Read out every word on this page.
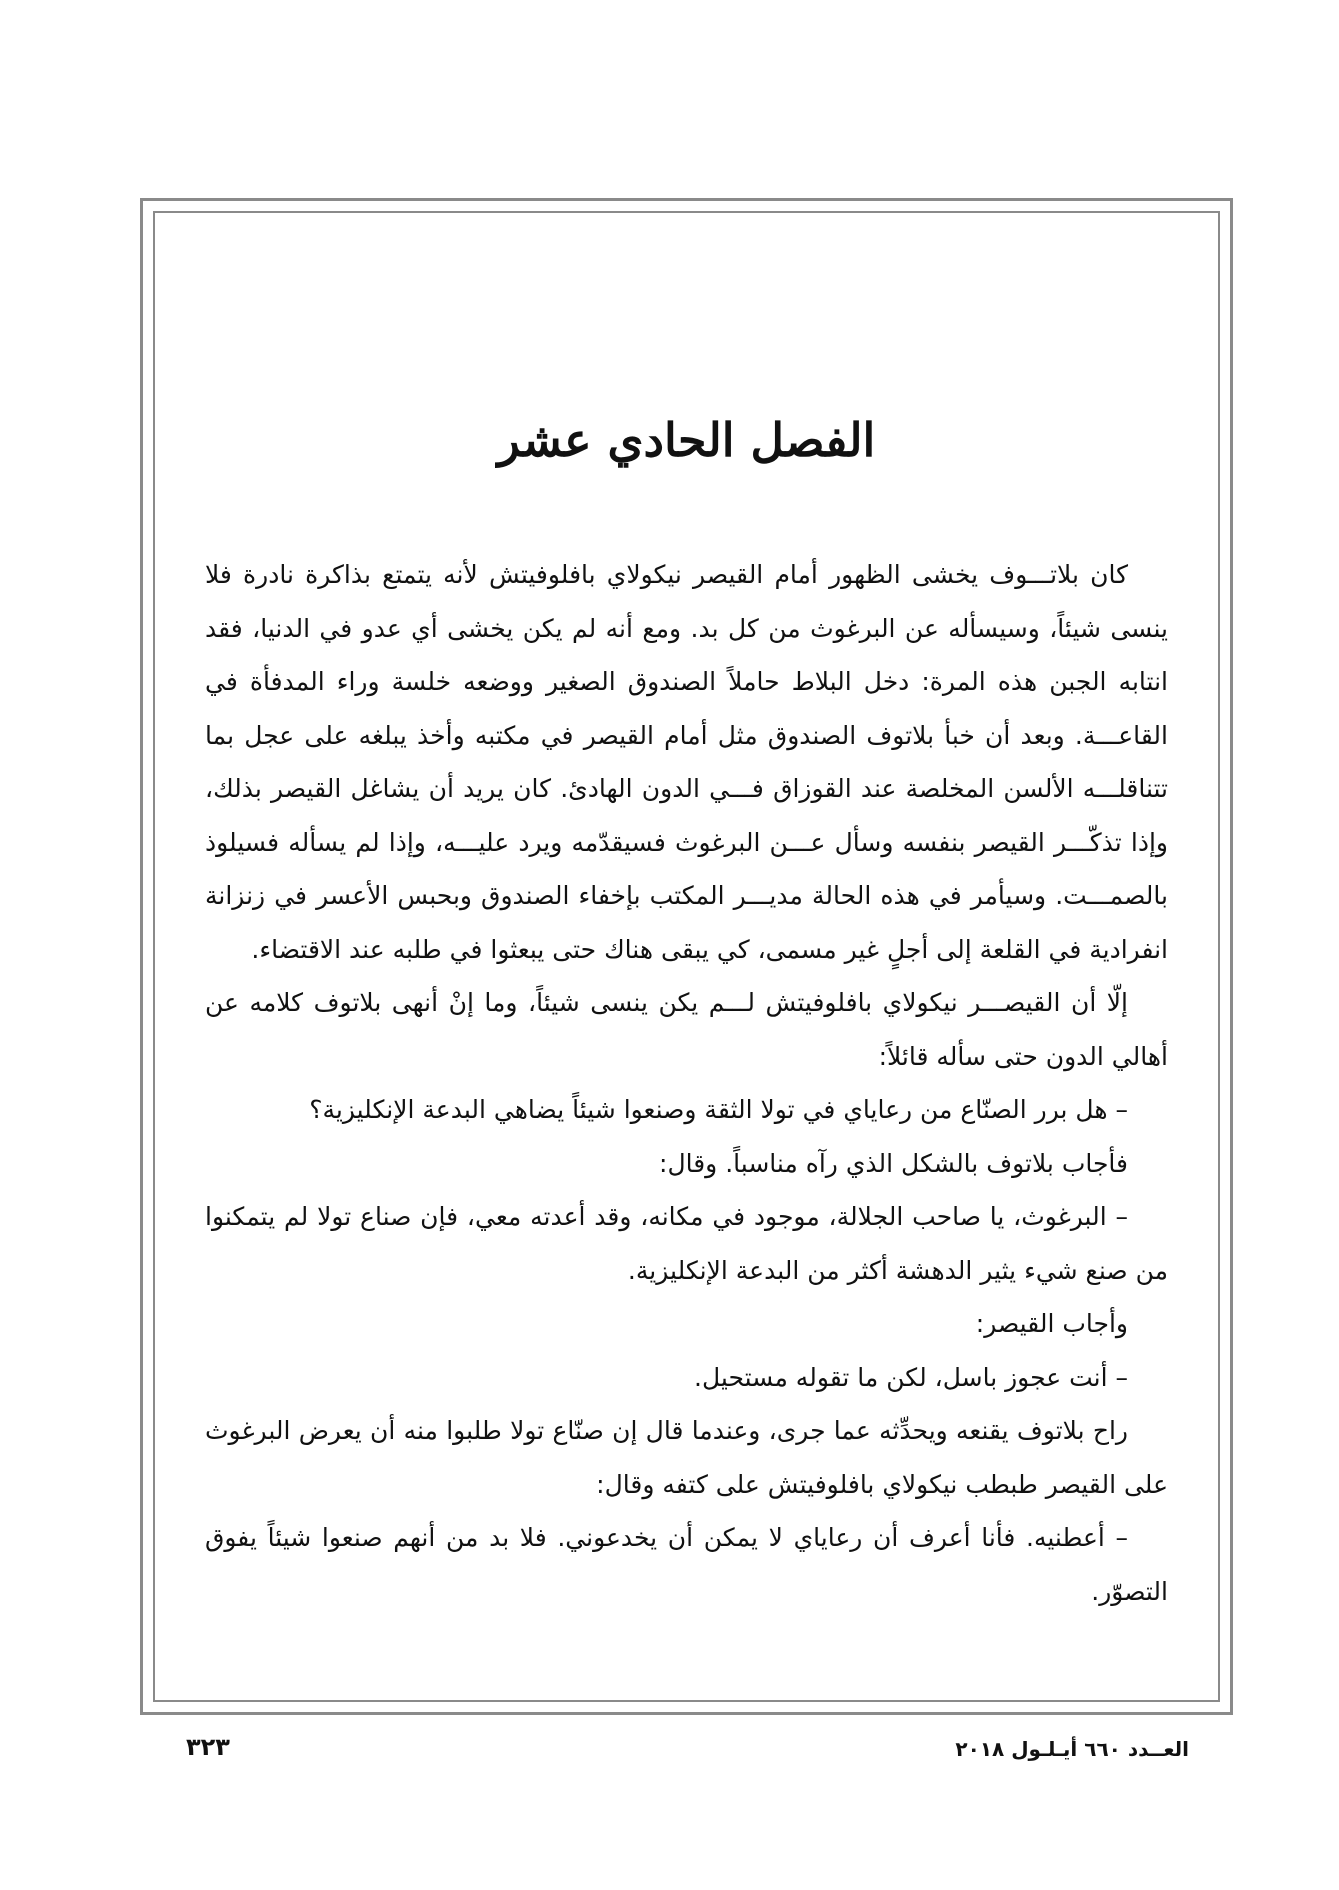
الفصل الحادي عشر

كان بلاتـــوف يخشى الظهور أمام القيصر نيكولاي بافلوفيتش لأنه يتمتع بذاكرة نادرة فلا ينسى شيئاً، وسيسأله عن البرغوث من كل بد. ومع أنه لم يكن يخشى أي عدو في الدنيا، فقد انتابه الجبن هذه المرة: دخل البلاط حاملاً الصندوق الصغير ووضعه خلسة وراء المدفأة في القاعـــة. وبعد أن خبأ بلاتوف الصندوق مثل أمام القيصر في مكتبه وأخذ يبلغه على عجل بما تتناقلـــه الألسن المخلصة عند القوزاق فـــي الدون الهادئ. كان يريد أن يشاغل القيصر بذلك، وإذا تذكّـــر القيصر بنفسه وسأل عـــن البرغوث فسيقدّمه ويرد عليـــه، وإذا لم يسأله فسيلوذ بالصمـــت. وسيأمر في هذه الحالة مديـــر المكتب بإخفاء الصندوق وبحبس الأعسر في زنزانة انفرادية في القلعة إلى أجلٍ غير مسمى، كي يبقى هناك حتى يبعثوا في طلبه عند الاقتضاء.

إلّا أن القيصـــر نيكولاي بافلوفيتش لـــم يكن ينسى شيئاً، وما إنْ أنهى بلاتوف كلامه عن أهالي الدون حتى سأله قائلاً:

– هل برر الصنّاع من رعاياي في تولا الثقة وصنعوا شيئاً يضاهي البدعة الإنكليزية؟

فأجاب بلاتوف بالشكل الذي رآه مناسباً. وقال:

– البرغوث، يا صاحب الجلالة، موجود في مكانه، وقد أعدته معي، فإن صناع تولا لم يتمكنوا من صنع شيء يثير الدهشة أكثر من البدعة الإنكليزية.

وأجاب القيصر:

– أنت عجوز باسل، لكن ما تقوله مستحيل.

راح بلاتوف يقنعه ويحدِّثه عما جرى، وعندما قال إن صنّاع تولا طلبوا منه أن يعرض البرغوث على القيصر طبطب نيكولاي بافلوفيتش على كتفه وقال:

– أعطنيه. فأنا أعرف أن رعاياي لا يمكن أن يخدعوني. فلا بد من أنهم صنعوا شيئاً يفوق التصوّر.

٣٢٣	العــدد ٦٦٠ أيـلـول ٢٠١٨
